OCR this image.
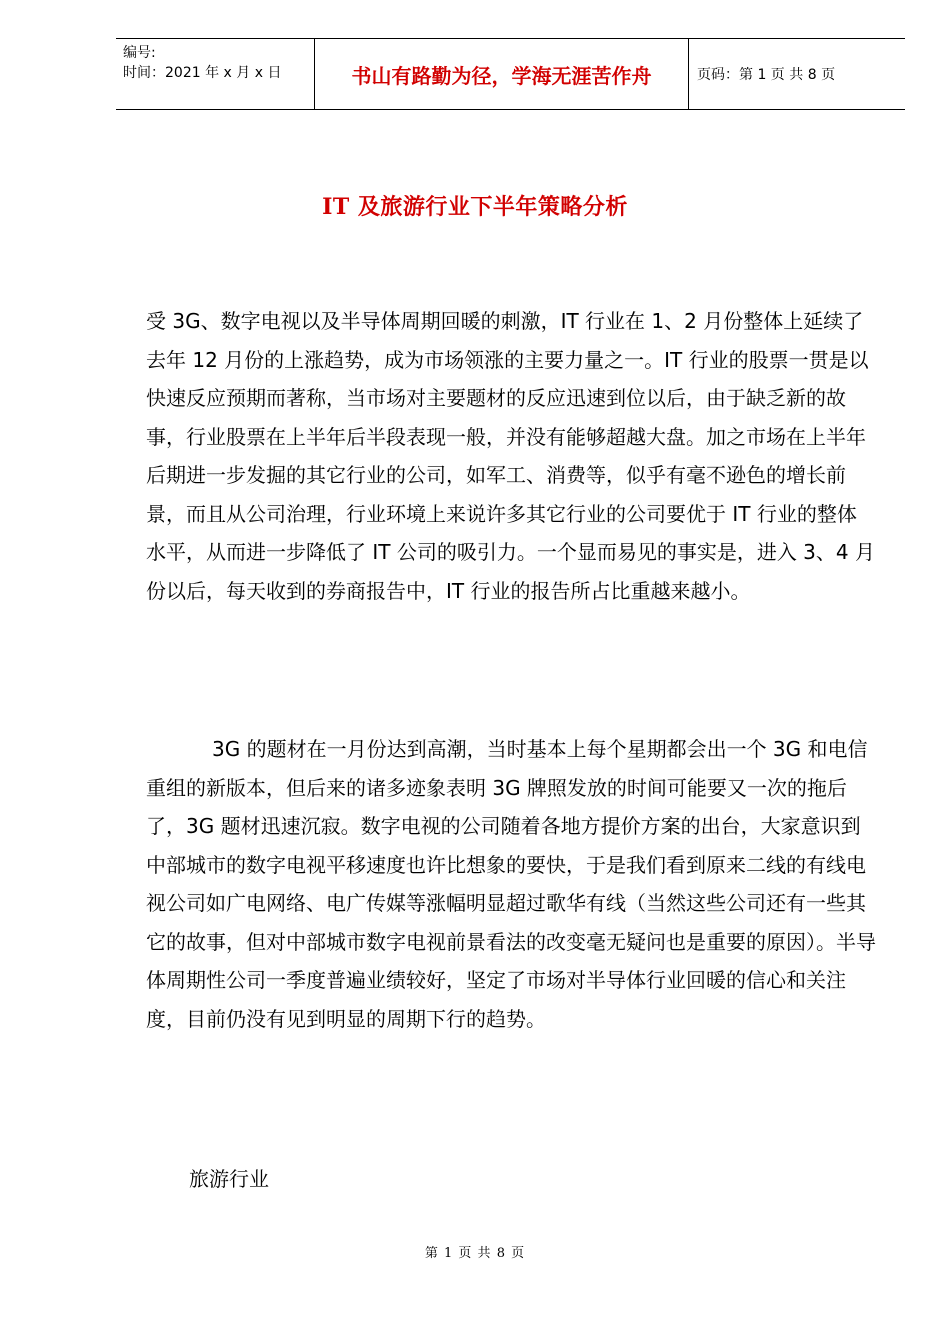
编号:
时间：2021 年 x 月 x 日	书山有路勤为径，学海无涯苦作舟	页码：第 1 页 共 8 页
IT 及旅游行业下半年策略分析

受 3G、数字电视以及半导体周期回暖的刺激，IT 行业在 1、2 月份整体上延续了去年 12 月份的上涨趋势，成为市场领涨的主要力量之一。IT 行业的股票一贯是以快速反应预期而著称，当市场对主要题材的反应迅速到位以后，由于缺乏新的故事，行业股票在上半年后半段表现一般，并没有能够超越大盘。加之市场在上半年后期进一步发掘的其它行业的公司，如军工、消费等，似乎有毫不逊色的增长前景，而且从公司治理，行业环境上来说许多其它行业的公司要优于 IT 行业的整体水平，从而进一步降低了 IT 公司的吸引力。一个显而易见的事实是，进入 3、4 月份以后，每天收到的券商报告中，IT 行业的报告所占比重越来越小。

3G 的题材在一月份达到高潮，当时基本上每个星期都会出一个 3G 和电信重组的新版本，但后来的诸多迹象表明 3G 牌照发放的时间可能要又一次的拖后了，3G 题材迅速沉寂。数字电视的公司随着各地方提价方案的出台，大家意识到中部城市的数字电视平移速度也许比想象的要快，于是我们看到原来二线的有线电视公司如广电网络、电广传媒等涨幅明显超过歌华有线（当然这些公司还有一些其它的故事，但对中部城市数字电视前景看法的改变毫无疑问也是重要的原因）。半导体周期性公司一季度普遍业绩较好，坚定了市场对半导体行业回暖的信心和关注度，目前仍没有见到明显的周期下行的趋势。

旅游行业
第 1 页 共 8 页
